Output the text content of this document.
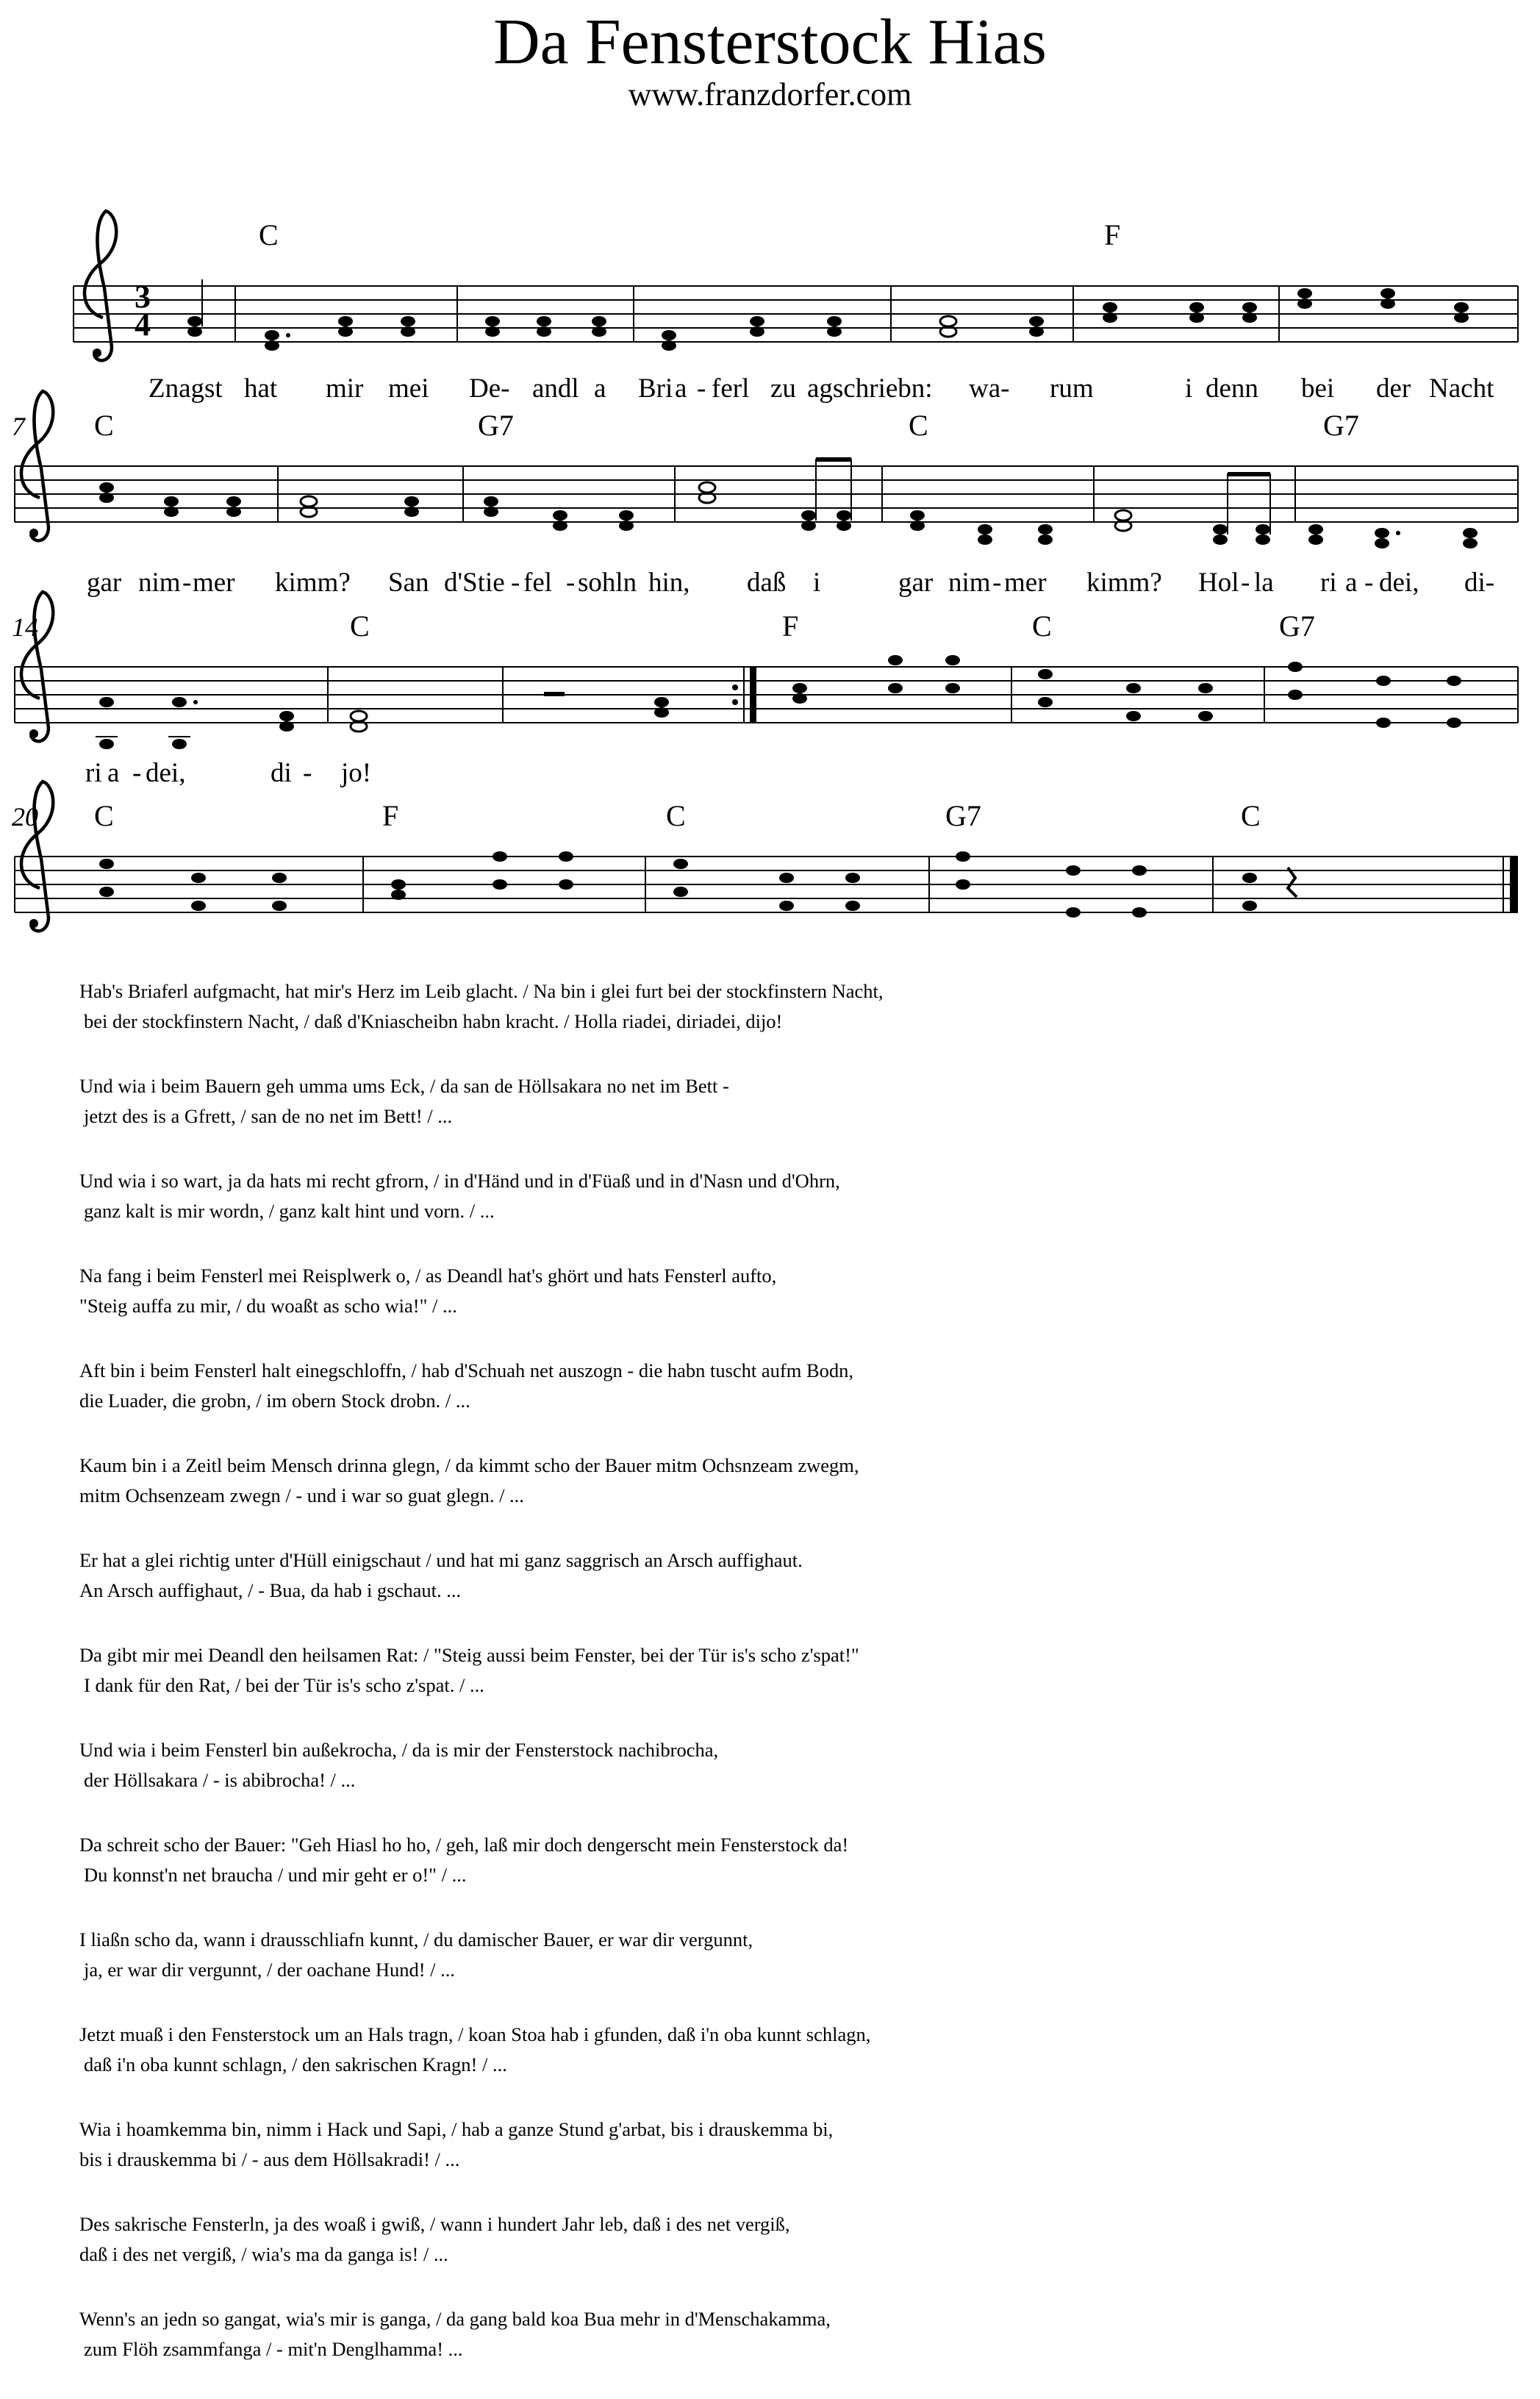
Da Fensterstock Hias
www.franzdorfer.com
3
4
C	F
Znagst hat mir mei De- andl a Bri a - ferl zu agschriebn: wa- rum	i denn bei der Nacht
7 C	G7	C	G7
gar nim - mer kimm? San d'Stie - fel - sohln hin, daß i	gar nim - mer kimm? Hol - la ri a - dei, di-
14	C	F	C	G7
ri a - dei,	di - jo!
20 C	F	C	G7	C
Hab's Briaferl aufgmacht, hat mir's Herz im Leib glacht. / Na bin i glei furt bei der stockfinstern Nacht,
bei der stockfinstern Nacht, / daß d'Kniascheibn habn kracht. / Holla riadei, diriadei, dijo!
Und wia i beim Bauern geh umma ums Eck, / da san de Höllsakara no net im Bett -
jetzt des is a Gfrett, / san de no net im Bett! / ...
Und wia i so wart, ja da hats mi recht gfrorn, / in d'Händ und in d'Füaß und in d'Nasn und d'Ohrn,
ganz kalt is mir wordn, / ganz kalt hint und vorn. / ...
Na fang i beim Fensterl mei Reisplwerk o, / as Deandl hat's ghört und hats Fensterl aufto,
"Steig auffa zu mir, / du woaßt as scho wia!" / ...
Aft bin i beim Fensterl halt einegschloffn, / hab d'Schuah net auszogn - die habn tuscht aufm Bodn,
die Luader, die grobn, / im obern Stock drobn. / ...
Kaum bin i a Zeitl beim Mensch drinna glegn, / da kimmt scho der Bauer mitm Ochsnzeam zwegm,
mitm Ochsenzeam zwegn / - und i war so guat glegn. / ...
Er hat a glei richtig unter d'Hüll einigschaut / und hat mi ganz saggrisch an Arsch auffighaut.
An Arsch auffighaut, / - Bua, da hab i gschaut. ...
Da gibt mir mei Deandl den heilsamen Rat: / "Steig aussi beim Fenster, bei der Tür is's scho z'spat!"
I dank für den Rat, / bei der Tür is's scho z'spat. / ...
Und wia i beim Fensterl bin außekrocha, / da is mir der Fensterstock nachibrocha,
der Höllsakara / - is abibrocha! / ...
Da schreit scho der Bauer: "Geh Hiasl ho ho, / geh, laß mir doch dengerscht mein Fensterstock da!
Du konnst'n net braucha / und mir geht er o!" / ...
I liaßn scho da, wann i drausschliafn kunnt, / du damischer Bauer, er war dir vergunnt,
ja, er war dir vergunnt, / der oachane Hund! / ...
Jetzt muaß i den Fensterstock um an Hals tragn, / koan Stoa hab i gfunden, daß i'n oba kunnt schlagn,
daß i'n oba kunnt schlagn, / den sakrischen Kragn! / ...
Wia i hoamkemma bin, nimm i Hack und Sapi, / hab a ganze Stund g'arbat, bis i drauskemma bi,
bis i drauskemma bi / - aus dem Höllsakradi! / ...
Des sakrische Fensterln, ja des woaß i gwiß, / wann i hundert Jahr leb, daß i des net vergiß,
daß i des net vergiß, / wia's ma da ganga is! / ...
Wenn's an jedn so gangat, wia's mir is ganga, / da gang bald koa Bua mehr in d'Menschakamma,
zum Flöh zsammfanga / - mit'n Denglhamma! ...
